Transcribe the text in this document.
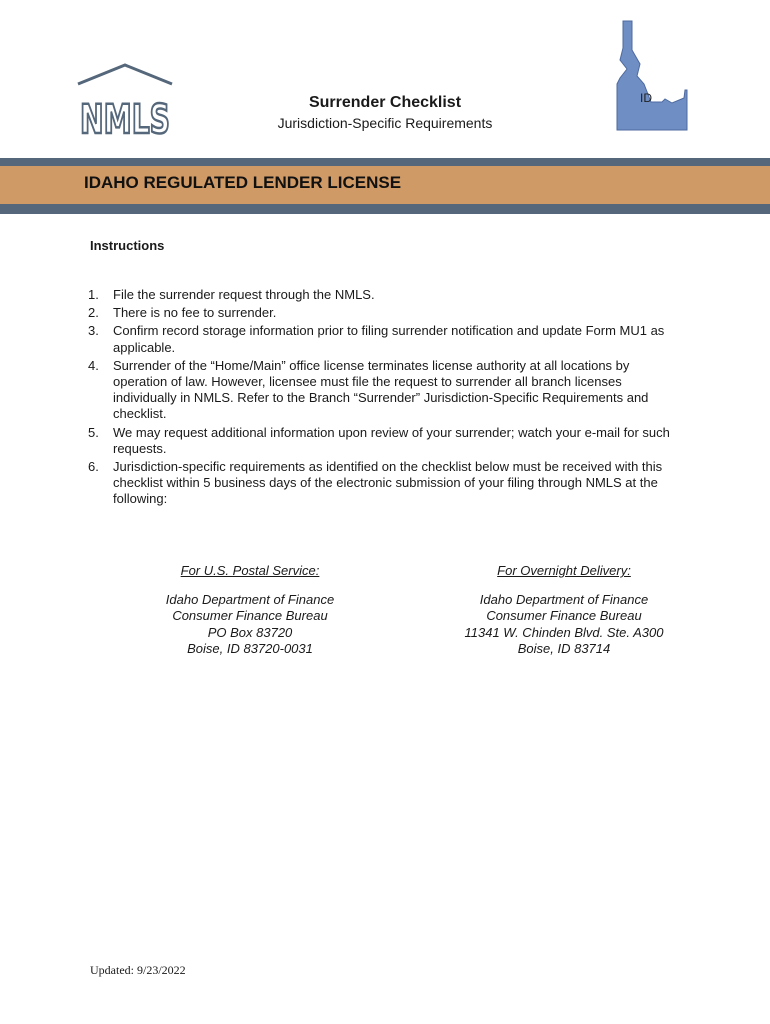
NMLS	Surrender Checklist
Jurisdiction-Specific Requirements
ID
IDAHO REGULATED LENDER LICENSE
Instructions
1. File the surrender request through the NMLS.
2. There is no fee to surrender.
3. Confirm record storage information prior to filing surrender notification and update Form MU1 as applicable.
4. Surrender of the “Home/Main” office license terminates license authority at all locations by operation of law. However, licensee must file the request to surrender all branch licenses individually in NMLS. Refer to the Branch “Surrender” Jurisdiction-Specific Requirements and checklist.
5. We may request additional information upon review of your surrender; watch your e-mail for such requests.
6. Jurisdiction-specific requirements as identified on the checklist below must be received with this checklist within 5 business days of the electronic submission of your filing through NMLS at the following:
For U.S. Postal Service:
Idaho Department of Finance
Consumer Finance Bureau
PO Box 83720
Boise, ID 83720-0031
For Overnight Delivery:
Idaho Department of Finance
Consumer Finance Bureau
11341 W. Chinden Blvd. Ste. A300
Boise, ID 83714
Updated: 9/23/2022
